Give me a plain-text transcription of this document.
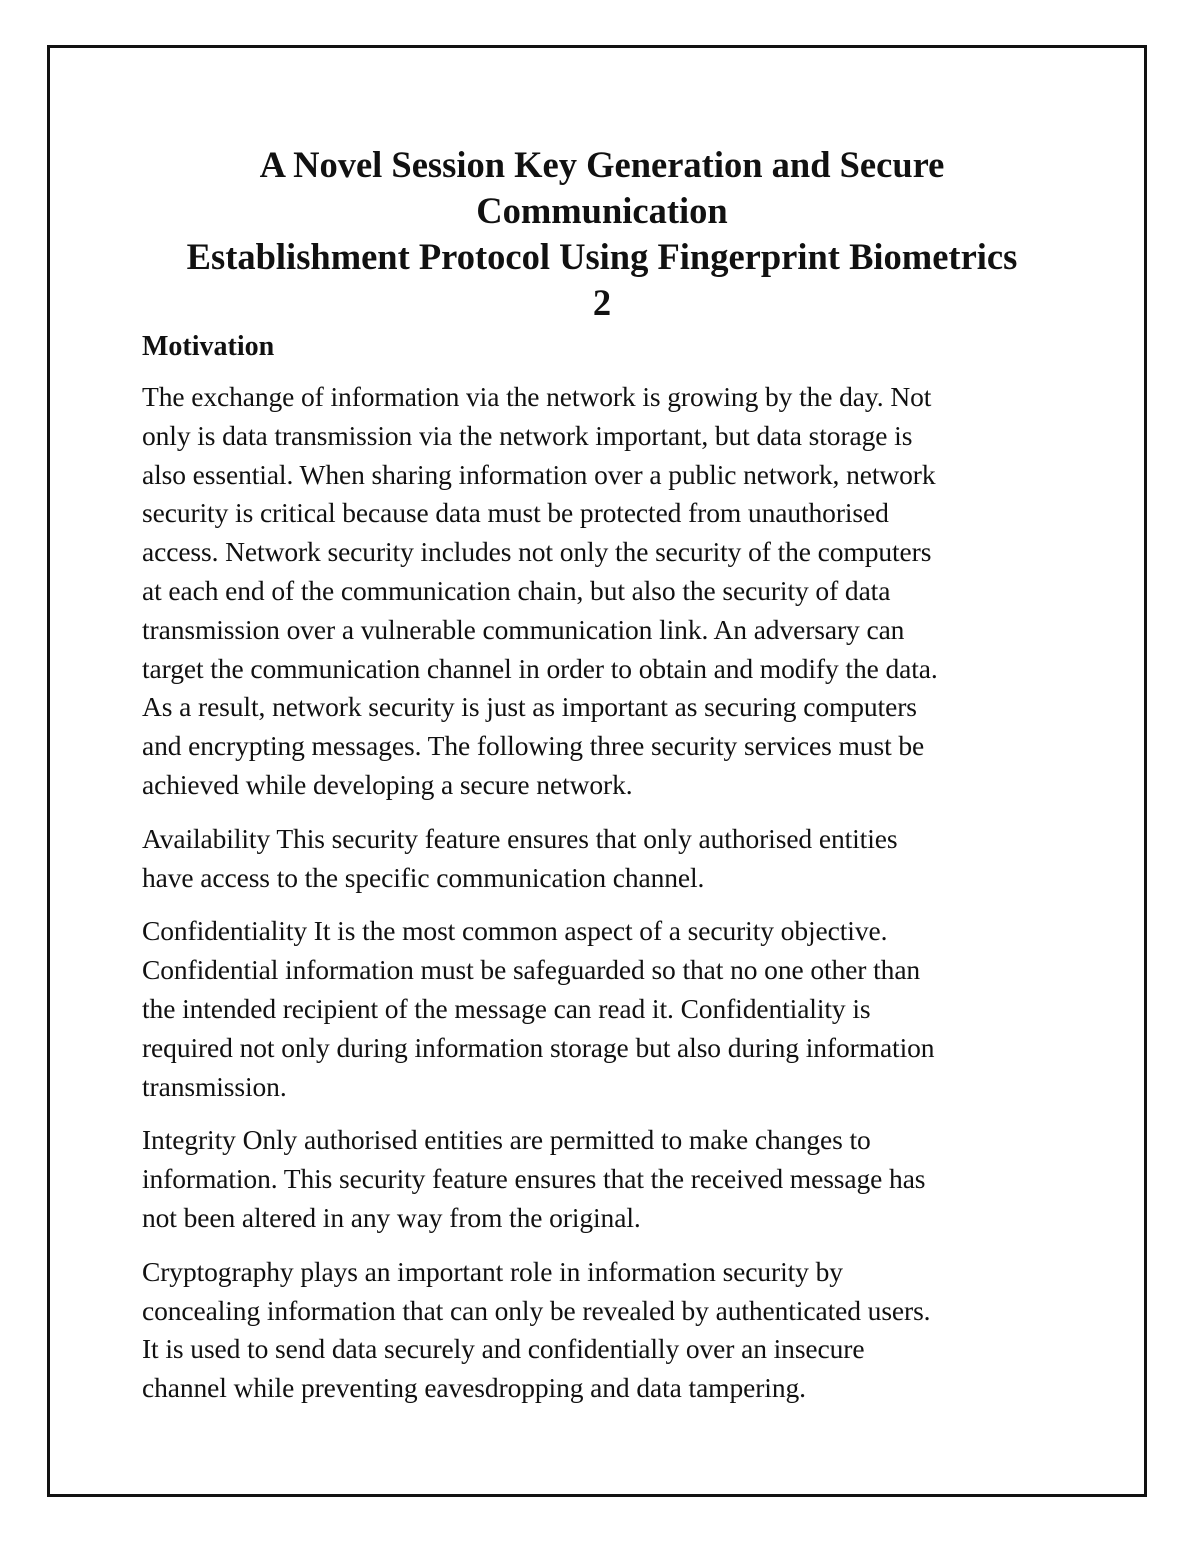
A Novel Session Key Generation and Secure
Communication
Establishment Protocol Using Fingerprint Biometrics
2
Motivation

The exchange of information via the network is growing by the day. Not
only is data transmission via the network important, but data storage is
also essential. When sharing information over a public network, network
security is critical because data must be protected from unauthorised
access. Network security includes not only the security of the computers
at each end of the communication chain, but also the security of data
transmission over a vulnerable communication link. An adversary can
target the communication channel in order to obtain and modify the data.
As a result, network security is just as important as securing computers
and encrypting messages. The following three security services must be
achieved while developing a secure network.

Availability This security feature ensures that only authorised entities
have access to the specific communication channel.

Confidentiality It is the most common aspect of a security objective.
Confidential information must be safeguarded so that no one other than
the intended recipient of the message can read it. Confidentiality is
required not only during information storage but also during information
transmission.

Integrity Only authorised entities are permitted to make changes to
information. This security feature ensures that the received message has
not been altered in any way from the original.

Cryptography plays an important role in information security by
concealing information that can only be revealed by authenticated users.
It is used to send data securely and confidentially over an insecure
channel while preventing eavesdropping and data tampering.
